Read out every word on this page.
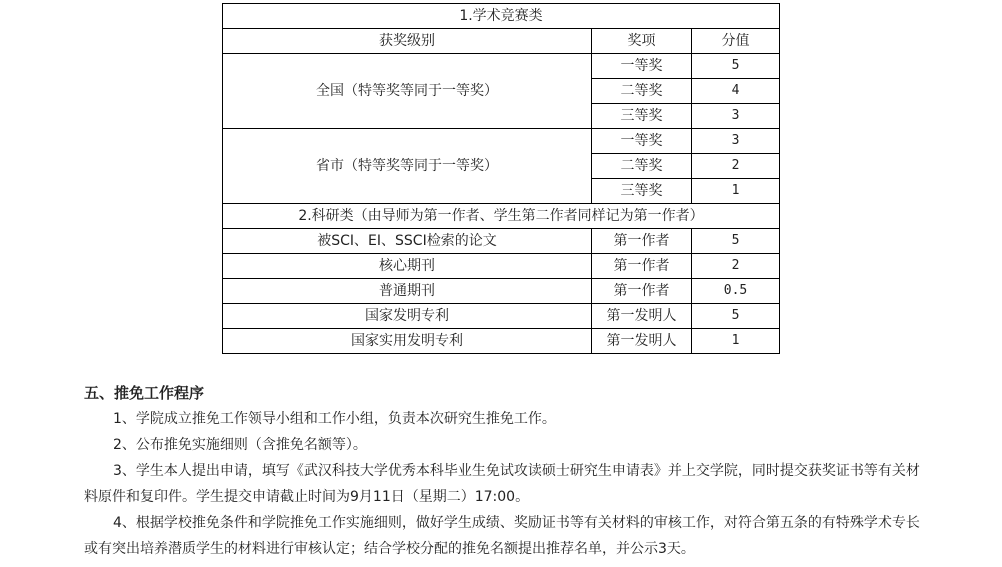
1.学术竞赛类		
获奖级别	奖项	分值
全国（特等奖等同于一等奖）	一等奖	5
	二等奖	4
	三等奖	3
省市（特等奖等同于一等奖）	一等奖	3
	二等奖	2
	三等奖	1
2.科研类（由导师为第一作者、学生第二作者同样记为第一作者）		
被SCI、EI、SSCI检索的论文	第一作者	5
核心期刊	第一作者	2
普通期刊	第一作者	0.5
国家发明专利	第一发明人	5
国家实用发明专利	第一发明人	1
五、推免工作程序

1、学院成立推免工作领导小组和工作小组，负责本次研究生推免工作。

2、公布推免实施细则（含推免名额等）。

3、学生本人提出申请，填写《武汉科技大学优秀本科毕业生免试攻读硕士研究生申请表》并上交学院，同时提交获奖证书等有关材料原件和复印件。学生提交申请截止时间为9月11日（星期二）17:00。

4、根据学校推免条件和学院推免工作实施细则，做好学生成绩、奖励证书等有关材料的审核工作，对符合第五条的有特殊学术专长或有突出培养潜质学生的材料进行审核认定；结合学校分配的推免名额提出推荐名单，并公示3天。
